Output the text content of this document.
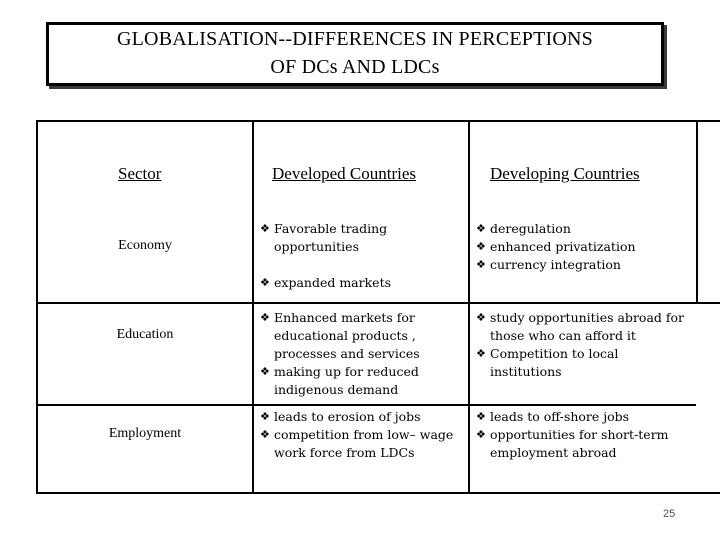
GLOBALISATION--DIFFERENCES IN PERCEPTIONS
OF DCs AND LDCs
Sector	Developed Countries	Developing Countries
Economy
❖ Favorable trading opportunities
❖ expanded markets
❖ deregulation
❖ enhanced privatization
❖ currency integration
Education
❖ Enhanced markets for educational products , processes and services
❖ making up for reduced indigenous demand
❖ study opportunities abroad for those who can afford it
❖ Competition to local institutions
Employment
❖ leads to erosion of jobs
❖ competition from low– wage work force from LDCs
❖ leads to off-shore jobs
❖ opportunities for short-term employment abroad
25
